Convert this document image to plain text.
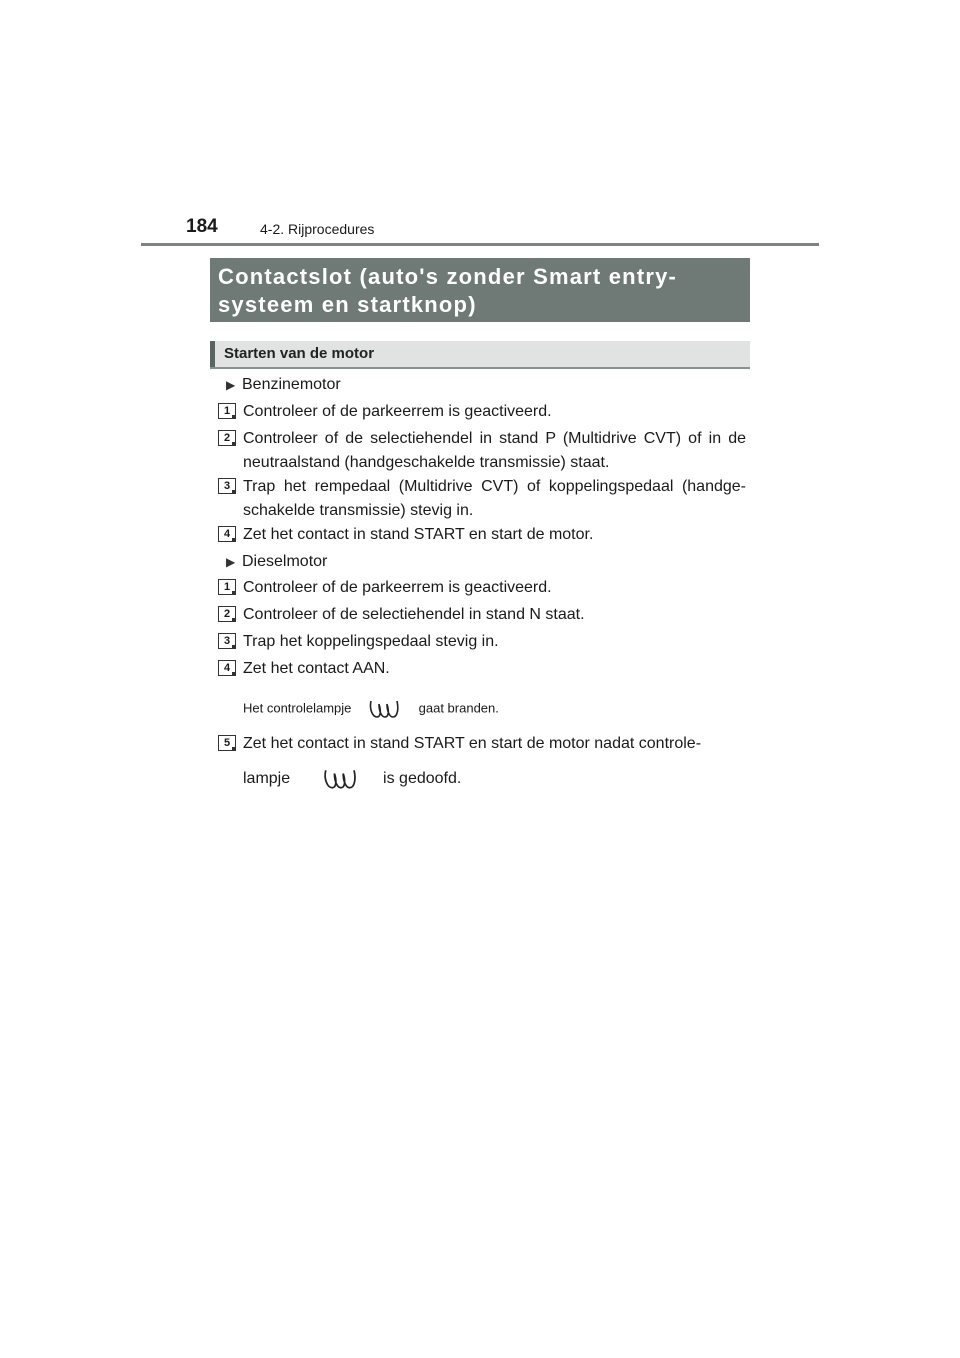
184	4-2. Rijprocedures
Contactslot (auto's zonder Smart entry-
systeem en startknop)
Starten van de motor
▶ Benzinemotor
1 Controleer of de parkeerrem is geactiveerd.
2 Controleer of de selectiehendel in stand P (Multidrive CVT) of in de neutraalstand (handgeschakelde transmissie) staat.
3 Trap het rempedaal (Multidrive CVT) of koppelingspedaal (handge-schakelde transmissie) stevig in.
4 Zet het contact in stand START en start de motor.
▶ Dieselmotor
1 Controleer of de parkeerrem is geactiveerd.
2 Controleer of de selectiehendel in stand N staat.
3 Trap het koppelingspedaal stevig in.
4 Zet het contact AAN.
Het controlelampje	gaat branden.
5 Zet het contact in stand START en start de motor nadat controle-
lampje	is gedoofd.
